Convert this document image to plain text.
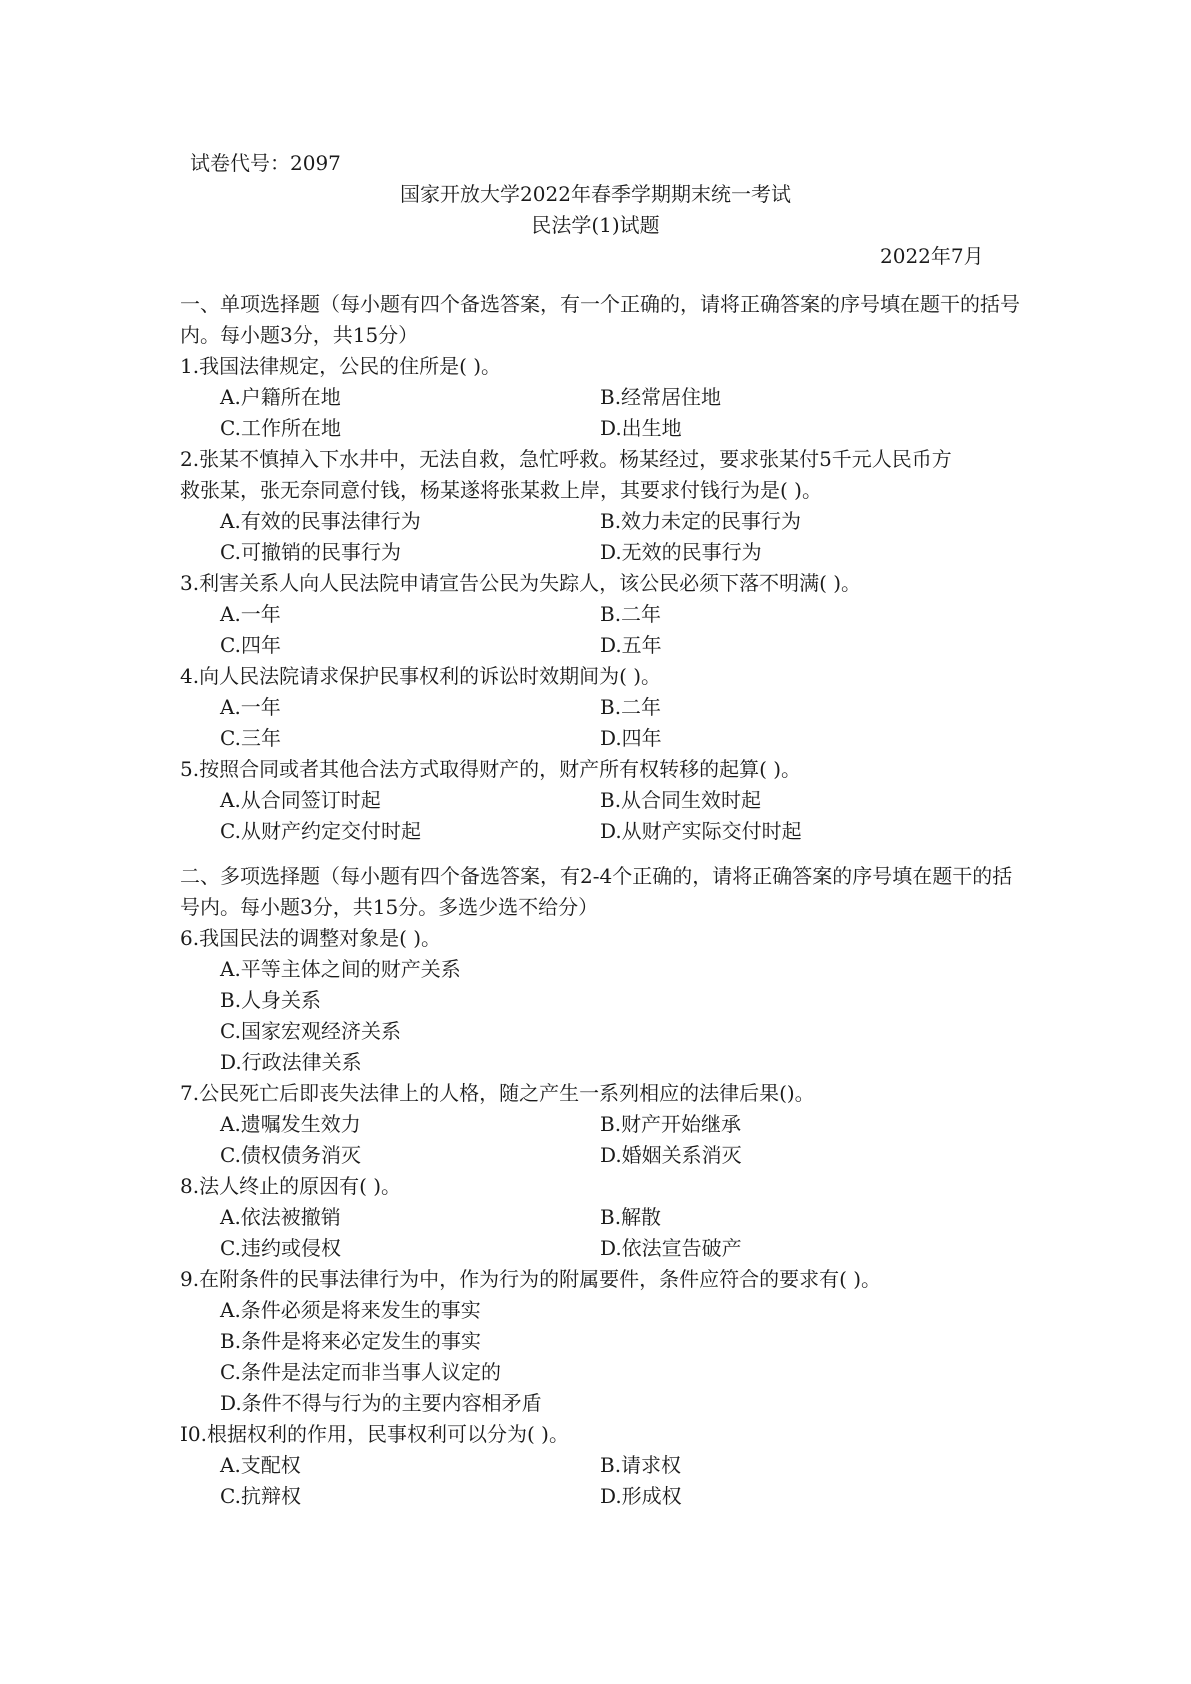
试卷代号：2097
国家开放大学2022年春季学期期末统一考试
民法学(1)试题
2022年7月
一、单项选择题（每小题有四个备选答案，有一个正确的，请将正确答案的序号填在题干的括号内。每小题3分，共15分）
1.我国法律规定，公民的住所是( )。
A.户籍所在地	B.经常居住地
C.工作所在地	D.出生地
2.张某不慎掉入下水井中，无法自救，急忙呼救。杨某经过，要求张某付5千元人民币方
救张某，张无奈同意付钱，杨某遂将张某救上岸，其要求付钱行为是( )。
A.有效的民事法律行为	B.效力未定的民事行为
C.可撤销的民事行为	D.无效的民事行为
3.利害关系人向人民法院申请宣告公民为失踪人，该公民必须下落不明满( )。
A.一年	B.二年
C.四年	D.五年
4.向人民法院请求保护民事权利的诉讼时效期间为( )。
A.一年	B.二年
C.三年	D.四年
5.按照合同或者其他合法方式取得财产的，财产所有权转移的起算( )。
A.从合同签订时起	B.从合同生效时起
C.从财产约定交付时起	D.从财产实际交付时起
二、多项选择题（每小题有四个备选答案，有2-4个正确的，请将正确答案的序号填在题干的括号内。每小题3分，共15分。多选少选不给分）
6.我国民法的调整对象是( )。
A.平等主体之间的财产关系
B.人身关系
C.国家宏观经济关系
D.行政法律关系
7.公民死亡后即丧失法律上的人格，随之产生一系列相应的法律后果()。
A.遗嘱发生效力	B.财产开始继承
C.债权债务消灭	D.婚姻关系消灭
8.法人终止的原因有( )。
A.依法被撤销	B.解散
C.违约或侵权	D.依法宣告破产
9.在附条件的民事法律行为中，作为行为的附属要件，条件应符合的要求有( )。
A.条件必须是将来发生的事实
B.条件是将来必定发生的事实
C.条件是法定而非当事人议定的
D.条件不得与行为的主要内容相矛盾
I0.根据权利的作用，民事权利可以分为( )。
A.支配权	B.请求权
C.抗辩权	D.形成权
